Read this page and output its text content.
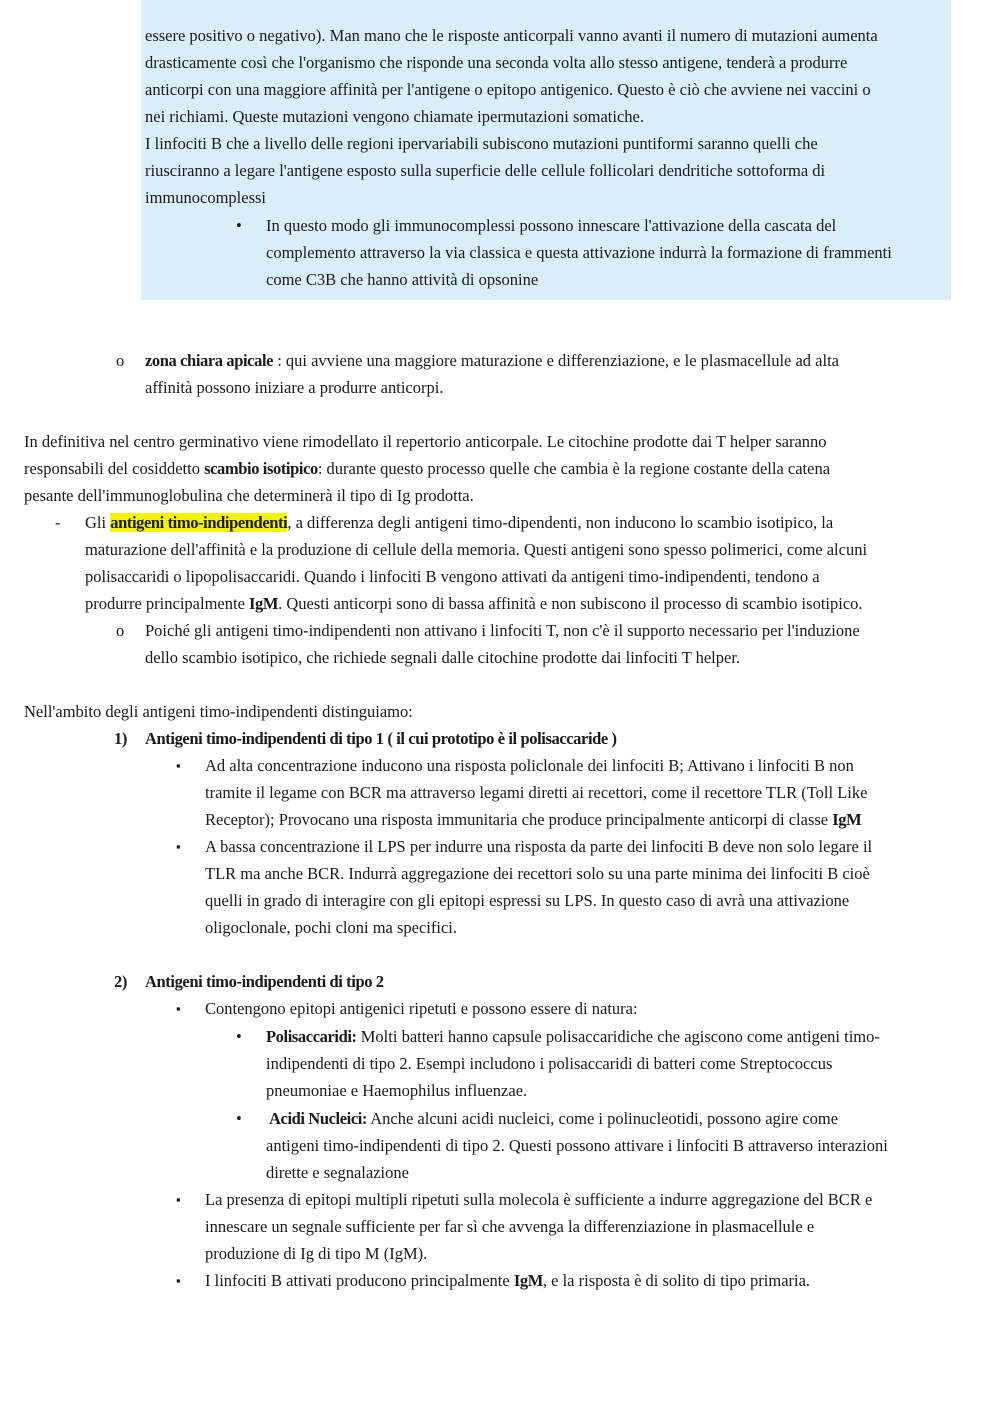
essere positivo o negativo). Man mano che le risposte anticorpali vanno avanti il numero di mutazioni aumenta
drasticamente così che l'organismo che risponde una seconda volta allo stesso antigene, tenderà a produrre
anticorpi con una maggiore affinità per l'antigene o epitopo antigenico. Questo è ciò che avviene nei vaccini o
nei richiami. Queste mutazioni vengono chiamate ipermutazioni somatiche.
I linfociti B che a livello delle regioni ipervariabili subiscono mutazioni puntiformi saranno quelli che
riusciranno a legare l'antigene esposto sulla superficie delle cellule follicolari dendritiche sottoforma di
immunocomplessi
• In questo modo gli immunocomplessi possono innescare l'attivazione della cascata del
complemento attraverso la via classica e questa attivazione indurrà la formazione di frammenti
come C3B che hanno attività di opsonine
o zona chiara apicale : qui avviene una maggiore maturazione e differenziazione, e le plasmacellule ad alta
affinità possono iniziare a produrre anticorpi.
In definitiva nel centro germinativo viene rimodellato il repertorio anticorpale. Le citochine prodotte dai T helper saranno
responsabili del cosiddetto scambio isotipico: durante questo processo quelle che cambia è la regione costante della catena
pesante dell'immunoglobulina che determinerà il tipo di Ig prodotta.
- Gli antigeni timo-indipendenti, a differenza degli antigeni timo-dipendenti, non inducono lo scambio isotipico, la
maturazione dell'affinità e la produzione di cellule della memoria. Questi antigeni sono spesso polimerici, come alcuni
polisaccaridi o lipopolisaccaridi. Quando i linfociti B vengono attivati da antigeni timo-indipendenti, tendono a
produrre principalmente IgM. Questi anticorpi sono di bassa affinità e non subiscono il processo di scambio isotipico.
o Poiché gli antigeni timo-indipendenti non attivano i linfociti T, non c'è il supporto necessario per l'induzione
dello scambio isotipico, che richiede segnali dalle citochine prodotte dai linfociti T helper.
Nell'ambito degli antigeni timo-indipendenti distinguiamo:
1) Antigeni timo-indipendenti di tipo 1 ( il cui prototipo è il polisaccaride )
▪ Ad alta concentrazione inducono una risposta policlonale dei linfociti B; Attivano i linfociti B non
tramite il legame con BCR ma attraverso legami diretti ai recettori, come il recettore TLR (Toll Like
Receptor); Provocano una risposta immunitaria che produce principalmente anticorpi di classe IgM
▪ A bassa concentrazione il LPS per indurre una risposta da parte dei linfociti B deve non solo legare il
TLR ma anche BCR. Indurrà aggregazione dei recettori solo su una parte minima dei linfociti B cioè
quelli in grado di interagire con gli epitopi espressi su LPS. In questo caso di avrà una attivazione
oligoclonale, pochi cloni ma specifici.
2) Antigeni timo-indipendenti di tipo 2
▪ Contengono epitopi antigenici ripetuti e possono essere di natura:
• Polisaccaridi: Molti batteri hanno capsule polisaccaridiche che agiscono come antigeni timo-
indipendenti di tipo 2. Esempi includono i polisaccaridi di batteri come Streptococcus
pneumoniae e Haemophilus influenzae.
• Acidi Nucleici: Anche alcuni acidi nucleici, come i polinucleotidi, possono agire come
antigeni timo-indipendenti di tipo 2. Questi possono attivare i linfociti B attraverso interazioni
dirette e segnalazione
▪ La presenza di epitopi multipli ripetuti sulla molecola è sufficiente a indurre aggregazione del BCR e
innescare un segnale sufficiente per far sì che avvenga la differenziazione in plasmacellule e
produzione di Ig di tipo M (IgM).
▪ I linfociti B attivati producono principalmente IgM, e la risposta è di solito di tipo primaria.
